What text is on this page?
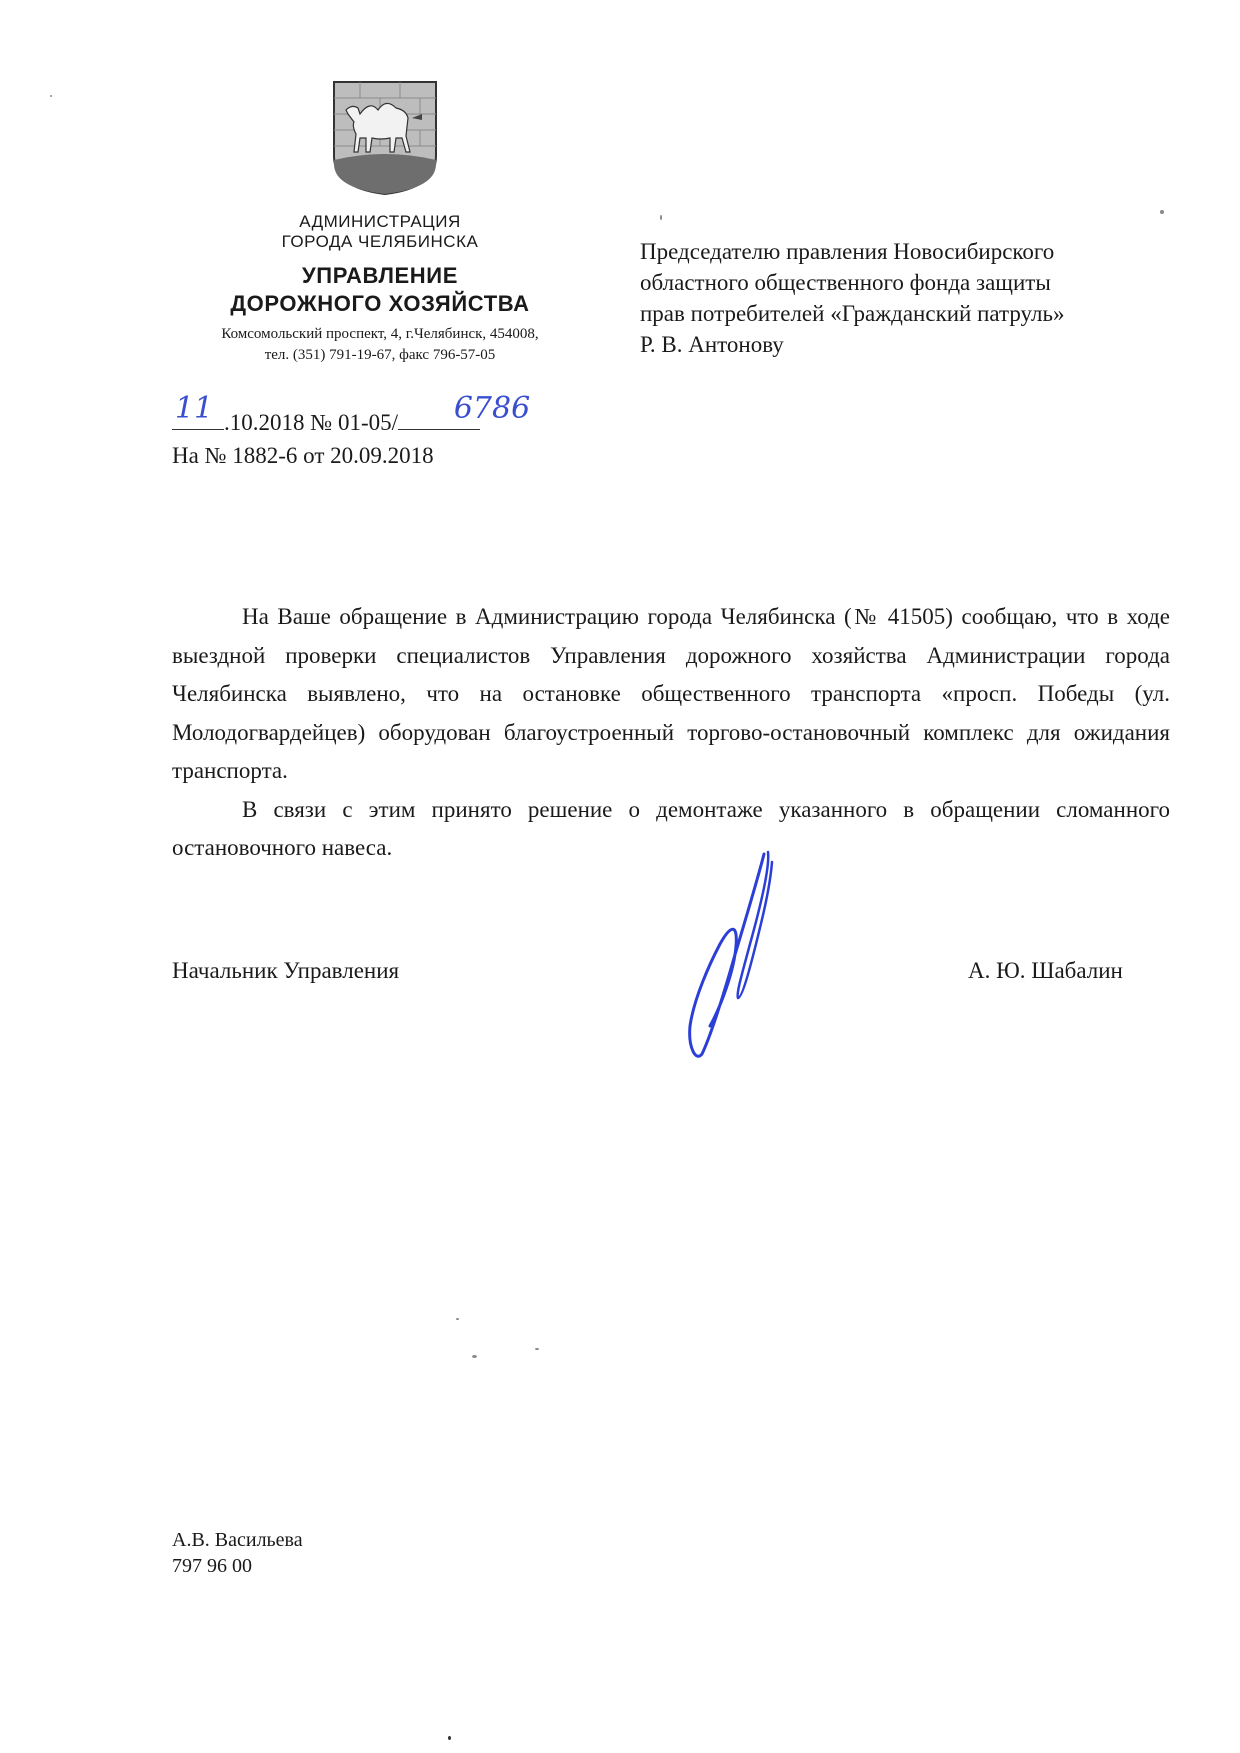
АДМИНИСТРАЦИЯ
ГОРОДА ЧЕЛЯБИНСКА
УПРАВЛЕНИЕ
ДОРОЖНОГО ХОЗЯЙСТВА
Комсомольский проспект, 4, г.Челябинск, 454008,
тел. (351) 791-19-67, факс 796-57-05
Председателю правления Новосибирского
областного общественного фонда защиты
прав потребителей «Гражданский патруль»
Р. В. Антонову
.10.2018 № 01-05/
11	6786
На № 1882-6 от 20.09.2018

На Ваше обращение в Администрацию города Челябинска (№ 41505) сообщаю, что в ходе выездной проверки специалистов Управления дорожного хозяйства Администрации города Челябинска выявлено, что на остановке общественного транспорта «просп. Победы (ул. Молодогвардейцев) оборудован благоустроенный торгово-остановочный комплекс для ожидания транспорта.

В связи с этим принято решение о демонтаже указанного в обращении сломанного остановочного навеса.

Начальник Управления	А. Ю. Шабалин
А.В. Васильева
797 96 00
